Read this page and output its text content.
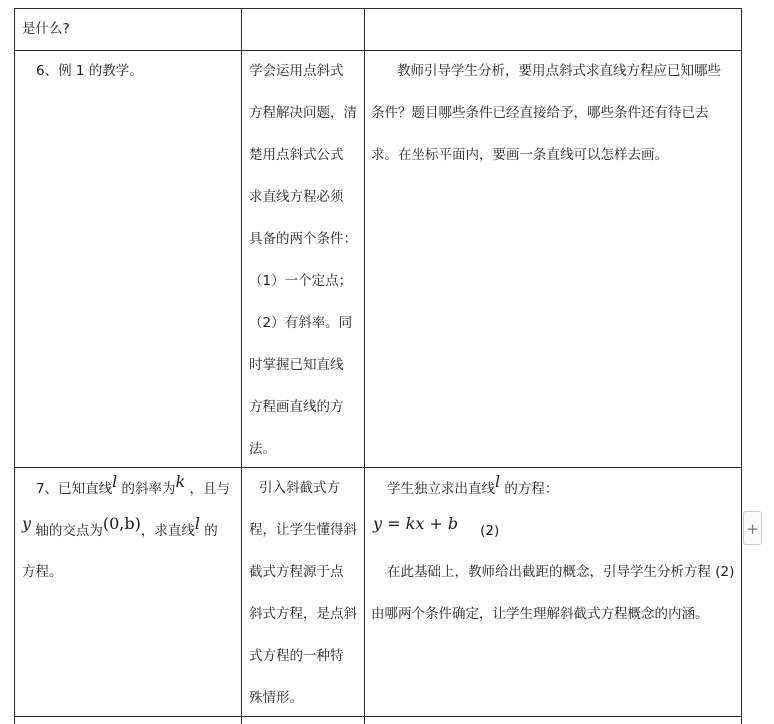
是什么?

6、例 1 的教学。	学会运用点斜式

方程解决问题，清

楚用点斜式公式

求直线方程必须

具备的两个条件：

（1）一个定点；

（2）有斜率。同

时掌握已知直线

方程画直线的方

法。

教师引导学生分析，要用点斜式求直线方程应已知哪些

条件？题目哪些条件已经直接给予，哪些条件还有待已去

求。在坐标平面内，要画一条直线可以怎样去画。

7、已知直线l 的斜率为k ，且与

y 轴的交点为(0,b)，求直线l 的

方程。

引入斜截式方

程，让学生懂得斜

截式方程源于点

斜式方程，是点斜

式方程的一种特

殊情形。

学生独立求出直线l 的方程：

y = kx + b (2)

在此基础上，教师给出截距的概念，引导学生分析方程 (2)

由哪两个条件确定，让学生理解斜截式方程概念的内涵。

+
